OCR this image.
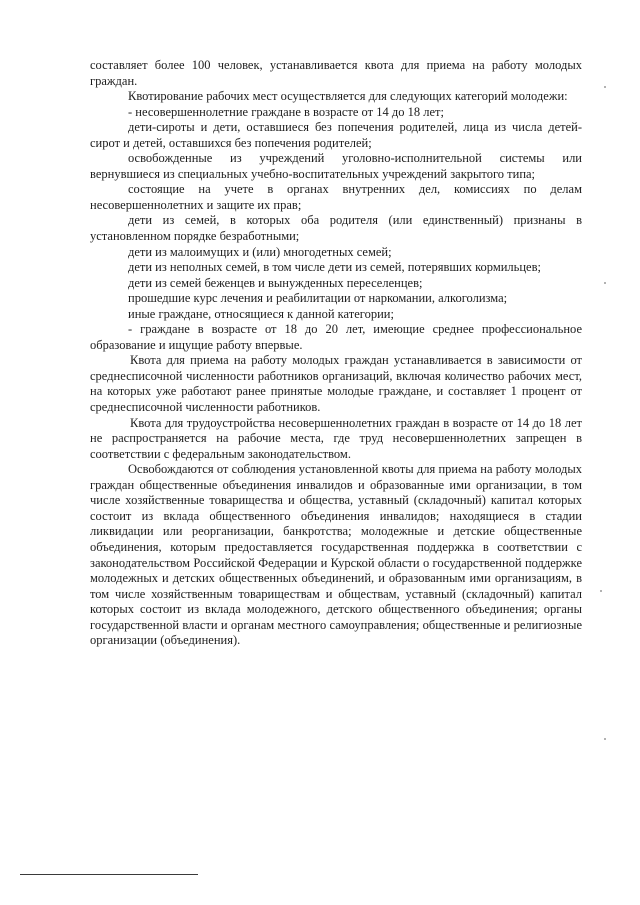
составляет более 100 человек, устанавливается квота для приема на работу молодых граждан.

Квотирование рабочих мест осуществляется для следующих категорий молодежи:

- несовершеннолетние граждане в возрасте от 14 до 18 лет;

дети-сироты и дети, оставшиеся без попечения родителей, лица из числа детей-сирот и детей, оставшихся без попечения родителей;

освобожденные из учреждений уголовно-исполнительной системы или вернувшиеся из специальных учебно-воспитательных учреждений закрытого типа;

состоящие на учете в органах внутренних дел, комиссиях по делам несовершеннолетних и защите их прав;

дети из семей, в которых оба родителя (или единственный) признаны в установленном порядке безработными;

дети из малоимущих и (или) многодетных семей;

дети из неполных семей, в том числе дети из семей, потерявших кормильцев;

дети из семей беженцев и вынужденных переселенцев;

прошедшие курс лечения и реабилитации от наркомании, алкоголизма;

иные граждане, относящиеся к данной категории;

- граждане в возрасте от 18 до 20 лет, имеющие среднее профессиональное образование и ищущие работу впервые.

Квота для приема на работу молодых граждан устанавливается в зависимости от среднесписочной численности работников организаций, включая количество рабочих мест, на которых уже работают ранее принятые молодые граждане, и составляет 1 процент от среднесписочной численности работников.

Квота для трудоустройства несовершеннолетних граждан в возрасте от 14 до 18 лет не распространяется на рабочие места, где труд несовершеннолетних запрещен в соответствии с федеральным законодательством.

Освобождаются от соблюдения установленной квоты для приема на работу молодых граждан общественные объединения инвалидов и образованные ими организации, в том числе хозяйственные товарищества и общества, уставный (складочный) капитал которых состоит из вклада общественного объединения инвалидов; находящиеся в стадии ликвидации или реорганизации, банкротства; молодежные и детские общественные объединения, которым предоставляется государственная поддержка в соответствии с законодательством Российской Федерации и Курской области о государственной поддержке молодежных и детских общественных объединений, и образованным ими организациям, в том числе хозяйственным товариществам и обществам, уставный (складочный) капитал которых состоит из вклада молодежного, детского общественного объединения; органы государственной власти и органам местного самоуправления; общественные и религиозные организации (объединения).
